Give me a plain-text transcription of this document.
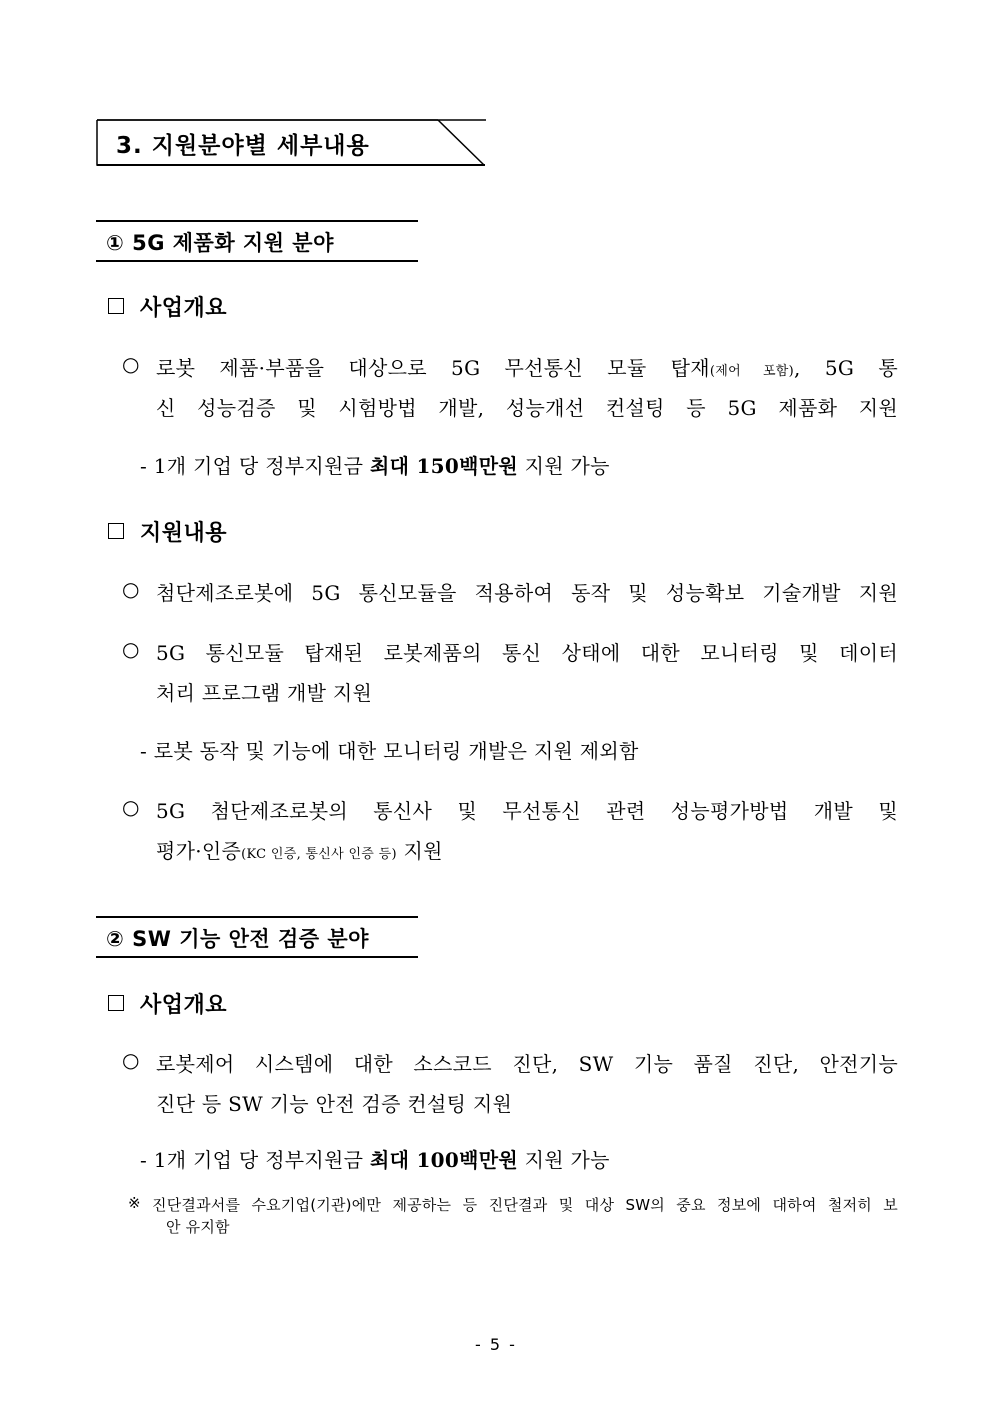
3. 지원분야별 세부내용
① 5G 제품화 지원 분야
사업개요
○ 로봇 제품·부품을 대상으로 5G 무선통신 모듈 탑재(제어 포함), 5G 통
신 성능검증 및 시험방법 개발, 성능개선 컨설팅 등 5G 제품화 지원
- 1개 기업 당 정부지원금 최대 150백만원 지원 가능
지원내용
○ 첨단제조로봇에 5G 통신모듈을 적용하여 동작 및 성능확보 기술개발 지원
○ 5G 통신모듈 탑재된 로봇제품의 통신 상태에 대한 모니터링 및 데이터
처리 프로그램 개발 지원
- 로봇 동작 및 기능에 대한 모니터링 개발은 지원 제외함
○ 5G 첨단제조로봇의 통신사 및 무선통신 관련 성능평가방법 개발 및
평가·인증(KC 인증, 통신사 인증 등) 지원
② SW 기능 안전 검증 분야
사업개요
○ 로봇제어 시스템에 대한 소스코드 진단, SW 기능 품질 진단, 안전기능
진단 등 SW 기능 안전 검증 컨설팅 지원
- 1개 기업 당 정부지원금 최대 100백만원 지원 가능
※ 진단결과서를 수요기업(기관)에만 제공하는 등 진단결과 및 대상 SW의 중요 정보에 대하여 철저히 보
안 유지함
- 5 -
